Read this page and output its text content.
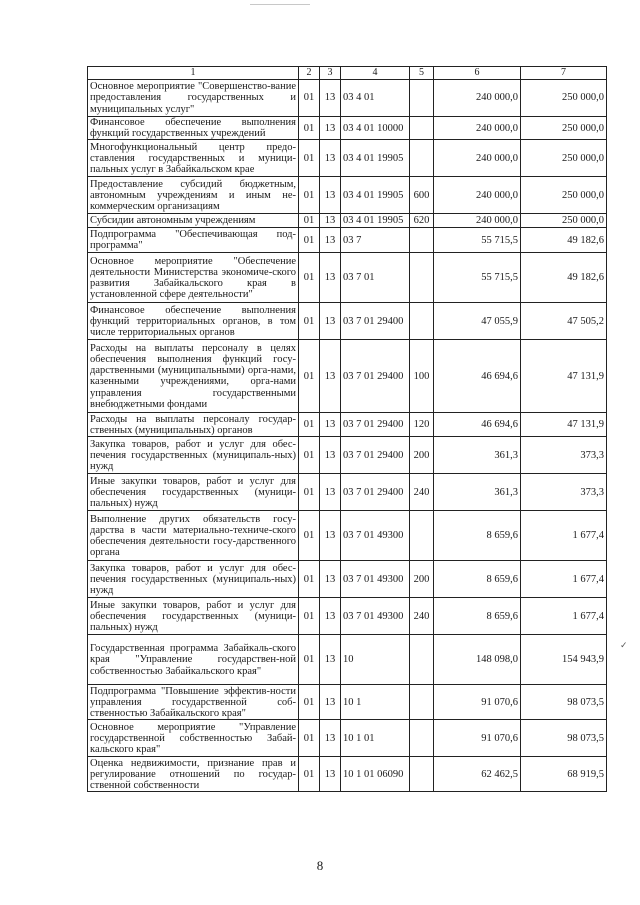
1	2	3	4	5	6	7
Основное мероприятие "Совершенство-вание предоставления государственных и муниципальных услуг"	01	13	03 4 01		240 000,0	250 000,0
Финансовое обеспечение выполнения функций государственных учреждений	01	13	03 4 01 10000		240 000,0	250 000,0
Многофункциональный центр предо-ставления государственных и муници-пальных услуг в Забайкальском крае	01	13	03 4 01 19905		240 000,0	250 000,0
Предоставление субсидий бюджетным, автономным учреждениям и иным не-коммерческим организациям	01	13	03 4 01 19905	600	240 000,0	250 000,0
Субсидии автономным учреждениям	01	13	03 4 01 19905	620	240 000,0	250 000,0
Подпрограмма "Обеспечивающая под-программа"	01	13	03 7		55 715,5	49 182,6
Основное мероприятие "Обеспечение деятельности Министерства экономиче-ского развития Забайкальского края в установленной сфере деятельности"	01	13	03 7 01		55 715,5	49 182,6
Финансовое обеспечение выполнения функций территориальных органов, в том числе территориальных органов	01	13	03 7 01 29400		47 055,9	47 505,2
Расходы на выплаты персоналу в целях обеспечения выполнения функций госу-дарственными (муниципальными) орга-нами, казенными учреждениями, орга-нами управления государственными внебюджетными фондами	01	13	03 7 01 29400	100	46 694,6	47 131,9
Расходы на выплаты персоналу государ-ственных (муниципальных) органов	01	13	03 7 01 29400	120	46 694,6	47 131,9
Закупка товаров, работ и услуг для обес-печения государственных (муниципаль-ных) нужд	01	13	03 7 01 29400	200	361,3	373,3
Иные закупки товаров, работ и услуг для обеспечения государственных (муници-пальных) нужд	01	13	03 7 01 29400	240	361,3	373,3
Выполнение других обязательств госу-дарства в части материально-техниче-ского обеспечения деятельности госу-дарственного органа	01	13	03 7 01 49300		8 659,6	1 677,4
Закупка товаров, работ и услуг для обес-печения государственных (муниципаль-ных) нужд	01	13	03 7 01 49300	200	8 659,6	1 677,4
Иные закупки товаров, работ и услуг для обеспечения государственных (муници-пальных) нужд	01	13	03 7 01 49300	240	8 659,6	1 677,4
Государственная программа Забайкаль-ского края "Управление государствен-ной собственностью Забайкальского края"	01	13	10		148 098,0	154 943,9
Подпрограмма "Повышение эффектив-ности управления государственной соб-ственностью Забайкальского края"	01	13	10 1		91 070,6	98 073,5
Основное мероприятие "Управление государственной собственностью Забай-кальского края"	01	13	10 1 01		91 070,6	98 073,5
Оценка недвижимости, признание прав и регулирование отношений по государ-ственной собственности	01	13	10 1 01 06090		62 462,5	68 919,5
8
✓
